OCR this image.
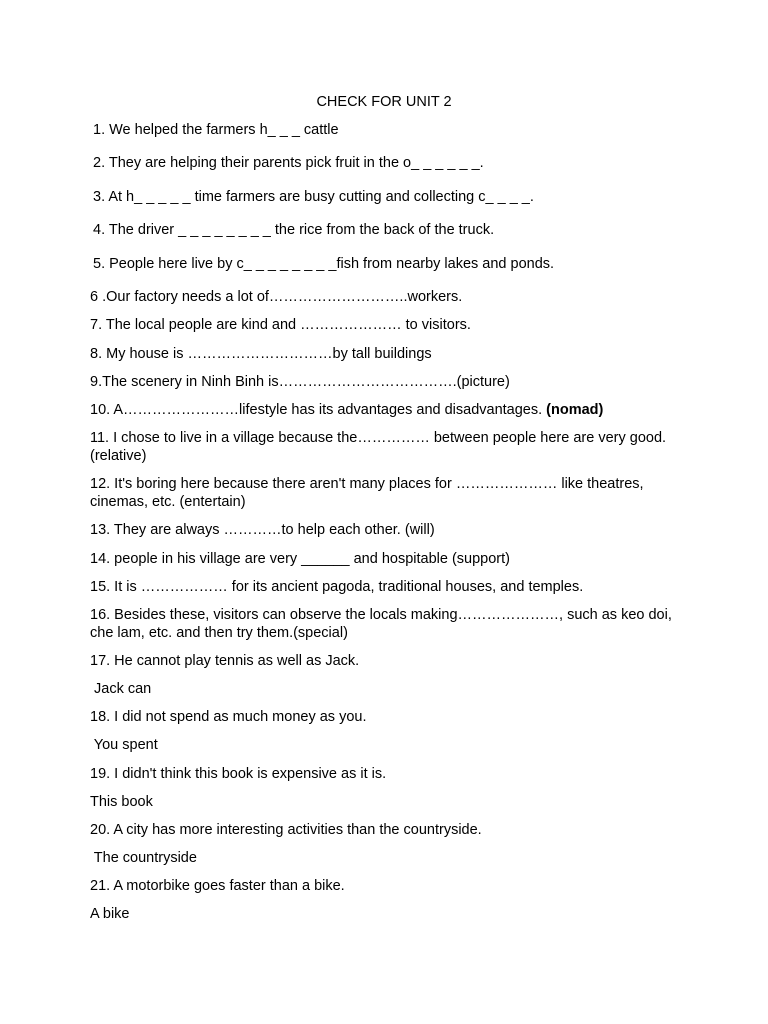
CHECK FOR UNIT 2
1. We helped the farmers h_ _ _ cattle
2. They are helping their parents pick fruit in the o_ _ _ _ _ _.
3. At h_ _ _ _ _ time farmers are busy cutting and collecting c_ _ _ _.
4. The driver _ _ _ _ _ _ _ _ the rice from the back of the truck.
5. People here live by c_ _ _ _ _ _ _ _fish from nearby lakes and ponds.
6 .Our factory needs a lot of………………………..workers.
7. The local people are kind and ………………… to visitors.
8. My house is …………………………by tall buildings
9.The scenery in Ninh Binh is……………………………….(picture)
10. A……………………lifestyle has its advantages and disadvantages. (nomad)
11. I chose to live in a village because the…………… between people here are very good.(relative)
12. It's boring here because there aren't many places for ………………… like theatres, cinemas, etc. (entertain)
13. They are always …………to help each other. (will)
14. people in his village are very ______ and hospitable (support)
15. It is ……………… for its ancient pagoda, traditional houses, and temples.
16. Besides these, visitors can observe the locals making…………………, such as keo doi, che lam, etc. and then try them.(special)
17. He cannot play tennis as well as Jack.
Jack can
18. I did not spend as much money as you.
You spent
19. I didn't think this book is expensive as it is.
This book
20. A city has more interesting activities than the countryside.
The countryside
21. A motorbike goes faster than a bike.
A bike
